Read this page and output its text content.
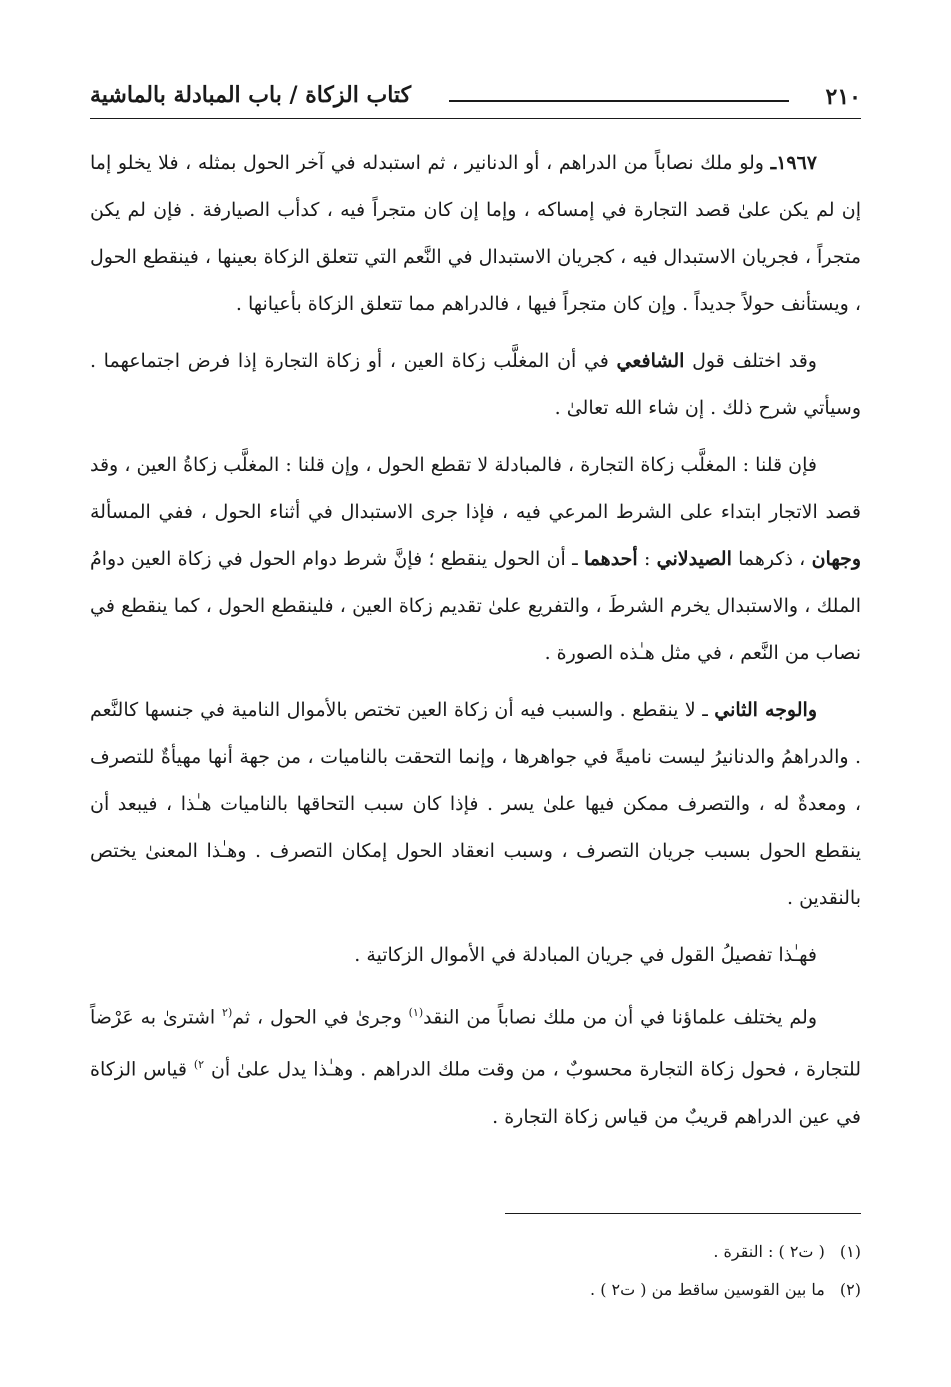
٢١٠
كتاب الزكاة / باب المبادلة بالماشية

١٩٦٧ـ ولو ملك نصاباً من الدراهم ، أو الدنانير ، ثم استبدله في آخر الحول بمثله ، فلا يخلو إما إن لم يكن علىٰ قصد التجارة في إمساكه ، وإما إن كان متجراً فيه ، كدأب الصيارفة . فإن لم يكن متجراً ، فجريان الاستبدال فيه ، كجريان الاستبدال في النَّعم التي تتعلق الزكاة بعينها ، فينقطع الحول ، ويستأنف حولاً جديداً . وإن كان متجراً فيها ، فالدراهم مما تتعلق الزكاة بأعيانها .

وقد اختلف قول الشافعي في أن المغلَّب زكاة العين ، أو زكاة التجارة إذا فرض اجتماعهما . وسيأتي شرح ذلك . إن شاء الله تعالىٰ .

فإن قلنا : المغلَّب زكاة التجارة ، فالمبادلة لا تقطع الحول ، وإن قلنا : المغلَّب زكاةُ العين ، وقد قصد الاتجار ابتداء على الشرط المرعي فيه ، فإذا جرى الاستبدال في أثناء الحول ، ففي المسألة وجهان ، ذكرهما الصيدلاني : أحدهما ـ أن الحول ينقطع ؛ فإنَّ شرط دوام الحول في زكاة العين دوامُ الملك ، والاستبدال يخرم الشرطَ ، والتفريع علىٰ تقديم زكاة العين ، فلينقطع الحول ، كما ينقطع في نصاب من النَّعم ، في مثل هـٰذه الصورة .

والوجه الثاني ـ لا ينقطع . والسبب فيه أن زكاة العين تختص بالأموال النامية في جنسها كالنَّعم . والدراهمُ والدنانيرُ ليست ناميةً في جواهرها ، وإنما التحقت بالناميات ، من جهة أنها مهيأةٌ للتصرف ، ومعدةٌ له ، والتصرف ممكن فيها علىٰ يسر . فإذا كان سبب التحاقها بالناميات هـٰذا ، فيبعد أن ينقطع الحول بسبب جريان التصرف ، وسبب انعقاد الحول إمكان التصرف . وهـٰذا المعنىٰ يختص بالنقدين .

فهـٰذا تفصيلُ القول في جريان المبادلة في الأموال الزكاتية .

ولم يختلف علماؤنا في أن من ملك نصاباً من النقد$^{(١)}$ وجرىٰ في الحول ، ثم$^{(٢}$ اشترىٰ به عَرْضاً للتجارة ، فحول زكاة التجارة محسوبٌ ، من وقت ملك الدراهم . وهـٰذا يدل علىٰ أن $^{٢)}$ قياس الزكاة في عين الدراهم قريبٌ من قياس زكاة التجارة .

(١) ( ت٢ ) : النقرة .
(٢) ما بين القوسين ساقط من ( ت٢ ) .
